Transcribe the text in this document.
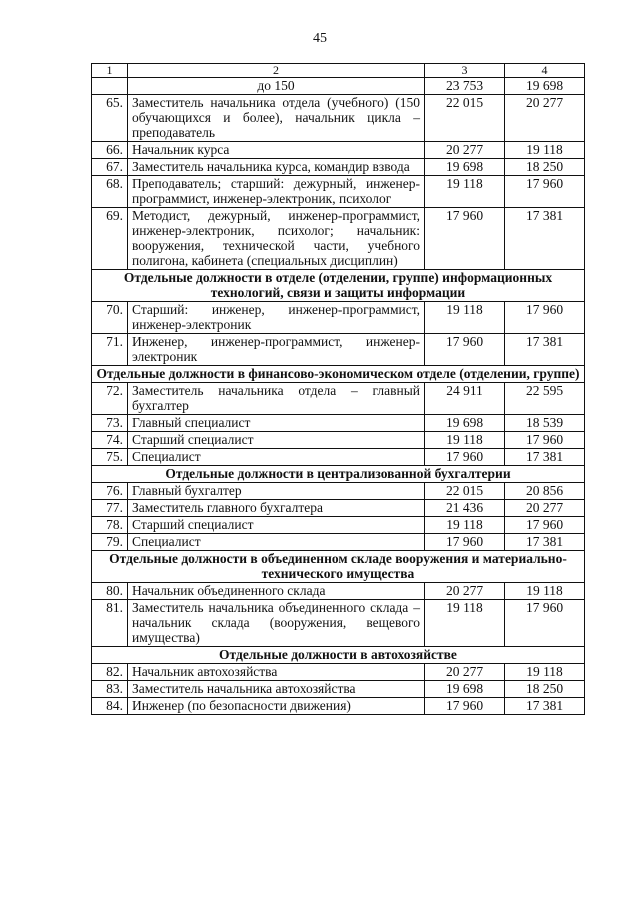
45
1	2	3	4
	до 150	23 753	19 698
65.	Заместитель начальника отдела (учебного) (150 обучающихся и более), начальник цикла – преподаватель	22 015	20 277
66.	Начальник курса	20 277	19 118
67.	Заместитель начальника курса, командир взвода	19 698	18 250
68.	Преподаватель; старший: дежурный, инженер-программист, инженер-электроник, психолог	19 118	17 960
69.	Методист, дежурный, инженер-программист, инженер-электроник, психолог; начальник: вооружения, технической части, учебного полигона, кабинета (специальных дисциплин)	17 960	17 381
Отдельные должности в отделе (отделении, группе) информационных технологий, связи и защиты информации			
70.	Старший: инженер, инженер-программист, инженер-электроник	19 118	17 960
71.	Инженер, инженер-программист, инженер-электроник	17 960	17 381
Отдельные должности в финансово-экономическом отделе (отделении, группе)			
72.	Заместитель начальника отдела – главный бухгалтер	24 911	22 595
73.	Главный специалист	19 698	18 539
74.	Старший специалист	19 118	17 960
75.	Специалист	17 960	17 381
Отдельные должности в централизованной бухгалтерии			
76.	Главный бухгалтер	22 015	20 856
77.	Заместитель главного бухгалтера	21 436	20 277
78.	Старший специалист	19 118	17 960
79.	Специалист	17 960	17 381
Отдельные должности в объединенном складе вооружения и материально-технического имущества			
80.	Начальник объединенного склада	20 277	19 118
81.	Заместитель начальника объединенного склада – начальник склада (вооружения, вещевого имущества)	19 118	17 960
Отдельные должности в автохозяйстве			
82.	Начальник автохозяйства	20 277	19 118
83.	Заместитель начальника автохозяйства	19 698	18 250
84.	Инженер (по безопасности движения)	17 960	17 381
